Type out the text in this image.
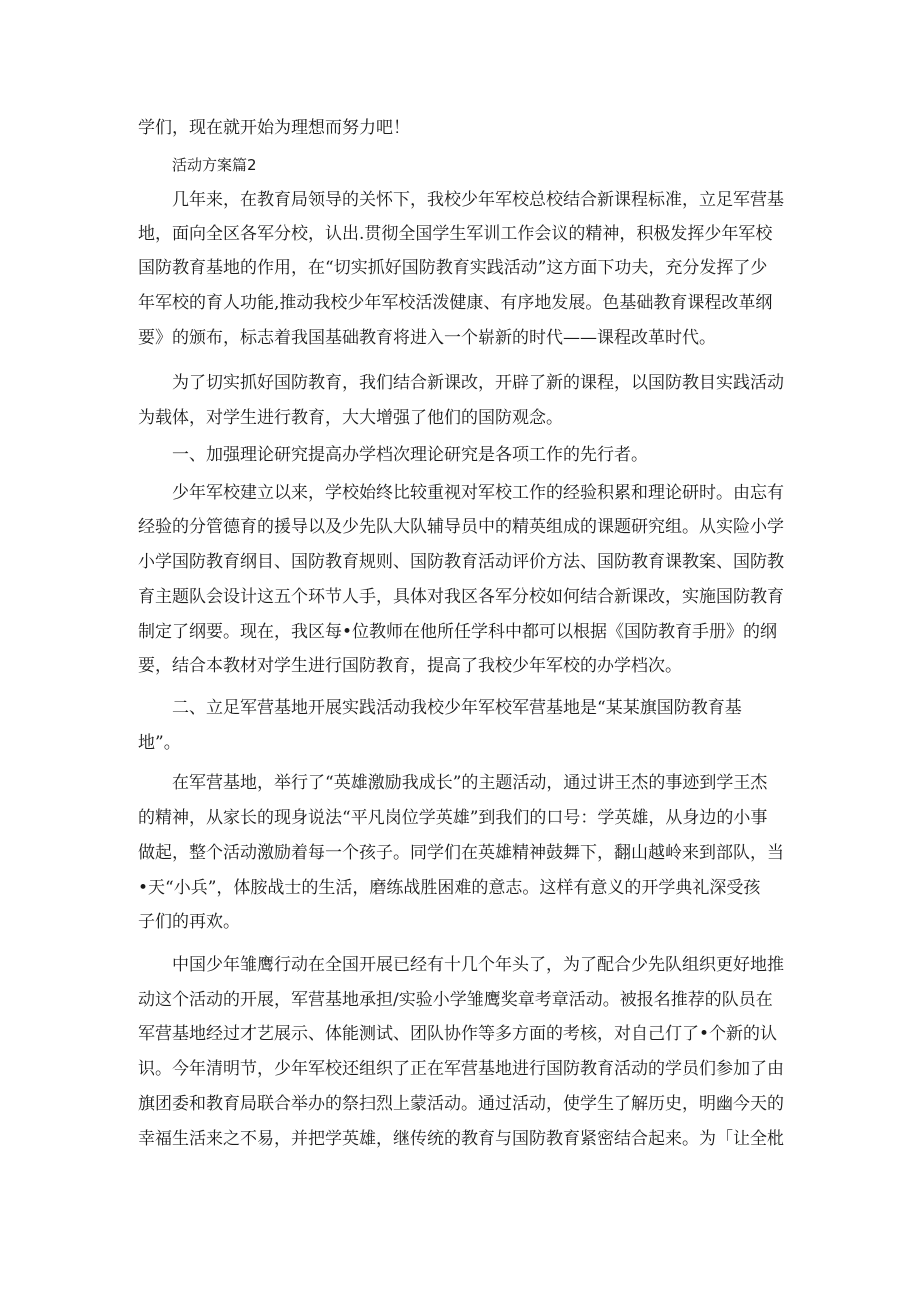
学们，现在就开始为理想而努力吧！
活动方案篇2
几年来，在教育局领导的关怀下，我校少年军校总校结合新课程标准，立足军营基
地，面向全区各军分校，认出.贯彻全国学生军训工作会议的精神，积极发挥少年军校
国防教育基地的作用，在“切实抓好国防教育实践活动”这方面下功夫，充分发挥了少
年军校的育人功能,推动我校少年军校活泼健康、有序地发展。色基础教育课程改革纲
要》的颁布，标志着我国基础教育将进入一个崭新的时代——课程改革时代。
为了切实抓好国防教育，我们结合新课改，开辟了新的课程，以国防教目实践活动
为载体，对学生进行教育，大大增强了他们的国防观念。
一、加强理论研究提高办学档次理论研究是各项工作的先行者。
少年军校建立以来，学校始终比较重视对军校工作的经验积累和理论研时。由忘有
经验的分管德育的援导以及少先队大队辅导员中的精英组成的课题研究组。从实险小学
小学国防教育纲目、国防教育规则、国防教育活动评价方法、国防教育课教案、国防教
育主题队会设计这五个环节人手，具体对我区各军分校如何结合新课改，实施国防教育
制定了纲要。现在，我区每•位教师在他所任学科中都可以根据《国防教育手册》的纲
要，结合本教材对学生进行国防教育，提高了我校少年军校的办学档次。
二、立足军营基地开展实践活动我校少年军校军营基地是“某某旗国防教育基
地”。
在军营基地，举行了“英雄激励我成长”的主题活动，通过讲王杰的事迹到学王杰
的精神，从家长的现身说法“平凡岗位学英雄”到我们的口号：学英雄，从身边的小事
做起，整个活动激励着每一个孩子。同学们在英雄精神鼓舞下，翻山越岭来到部队，当
•天“小兵”，体胺战士的生活，磨练战胜困难的意志。这样有意义的开学典礼深受孩
子们的再欢。
中国少年雏鹰行动在全国开展已经有十几个年头了，为了配合少先队组织更好地推
动这个活动的开展，军营基地承担/实验小学雏鹰奖章考章活动。被报名推荐的队员在
军营基地经过才艺展示、体能测试、团队协作等多方面的考核，对自己仃了•个新的认
识。今年清明节，少年军校还组织了正在军营基地进行国防教育活动的学员们参加了由
旗团委和教育局联合举办的祭扫烈上蒙活动。通过活动，使学生了解历史，明幽今天的
幸福生活来之不易，并把学英雄，继传统的教育与国防教育紧密结合起来。为「让全枇
